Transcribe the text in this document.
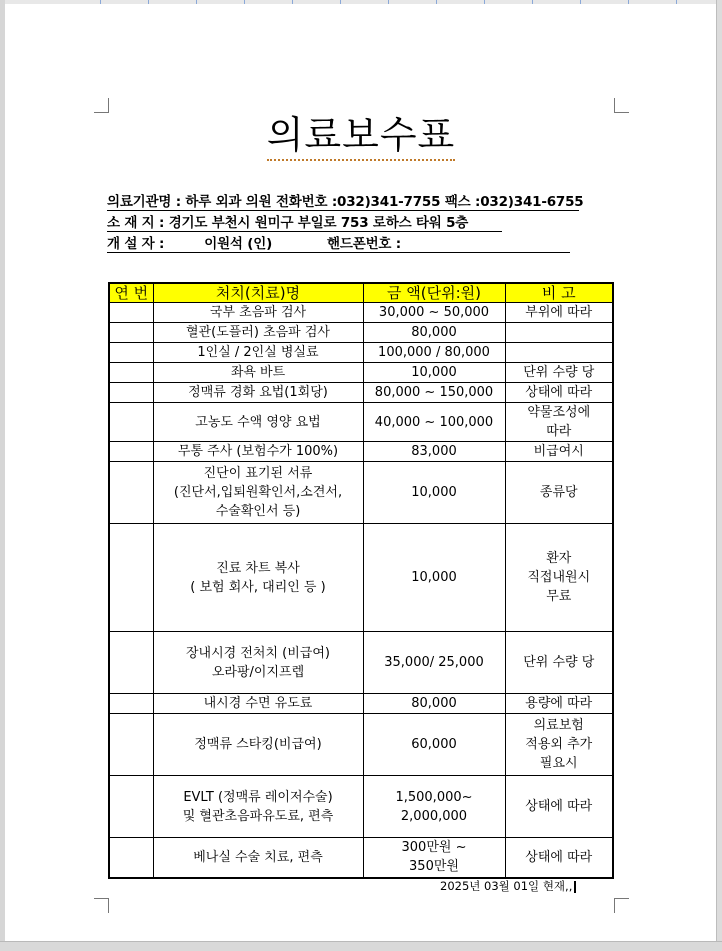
의료보수표
의료기관명 : 하루 외과 의원 전화번호 :032)341-7755 팩스 :032)341-6755
소 재 지 : 경기도 부천시 원미구 부일로 753 로하스 타워 5층
개 설 자 :	이원석 (인)	핸드폰번호 :
연 번	처치(치료)명	금 액(단위:원)	비 고
	국부 초음파 검사	30,000 ~ 50,000	부위에 따라
	혈관(도플러) 초음파 검사	80,000	
	1인실 / 2인실 병실료	100,000 / 80,000	
	좌욕 바트	10,000	단위 수량 당
	정맥류 경화 요법(1회당)	80,000 ~ 150,000	상태에 따라
	고농도 수액 영양 요법	40,000 ~ 100,000	약물조성에
따라
	무통 주사 (보험수가 100%)	83,000	비급여시
	진단이 표기된 서류
(진단서,입퇴원확인서,소견서,
수술확인서 등)	10,000	종류당
	진료 차트 복사
( 보험 회사, 대리인 등 )	10,000	환자
직접내원시
무료
	장내시경 전처치 (비급여)
오라팡/이지프렙	35,000/ 25,000	단위 수량 당
	내시경 수면 유도료	80,000	용량에 따라
	정맥류 스타킹(비급여)	60,000	의료보험
적용외 추가
필요시
	EVLT (정맥류 레이저수술)
및 혈관초음파유도료, 편측	1,500,000~
2,000,000	상태에 따라
	베나실 수술 치료, 편측	300만원 ~
350만원	상태에 따라
2025년 03월 01일 현재,,
